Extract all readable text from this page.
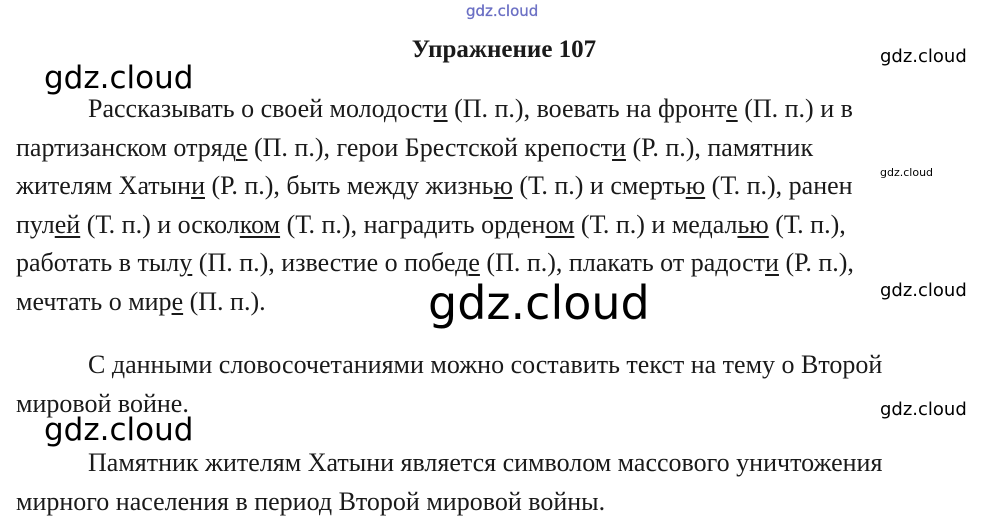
gdz.cloud
gdz.cloud
gdz.cloud
gdz.cloud
gdz.cloud
gdz.cloud
gdz.cloud
Упражнение 107
Рассказывать о своей молодости (П. п.), воевать на фронте (П. п.) и в
партизанском отряде (П. п.), герои Брестской крепости (Р. п.), памятник
жителям Хатыни (Р. п.), быть между жизнью (Т. п.) и смертью (Т. п.), ранен
пулей (Т. п.) и осколком (Т. п.), наградить орденом (Т. п.) и медалью (Т. п.),
работать в тылу (П. п.), известие о победе (П. п.), плакать от радости (Р. п.),
мечтать о мире (П. п.).
С данными словосочетаниями можно составить текст на тему о Второй
мировой войне.
Памятник жителям Хатыни является символом массового уничтожения
мирного населения в период Второй мировой войны.
gdz.cloud
